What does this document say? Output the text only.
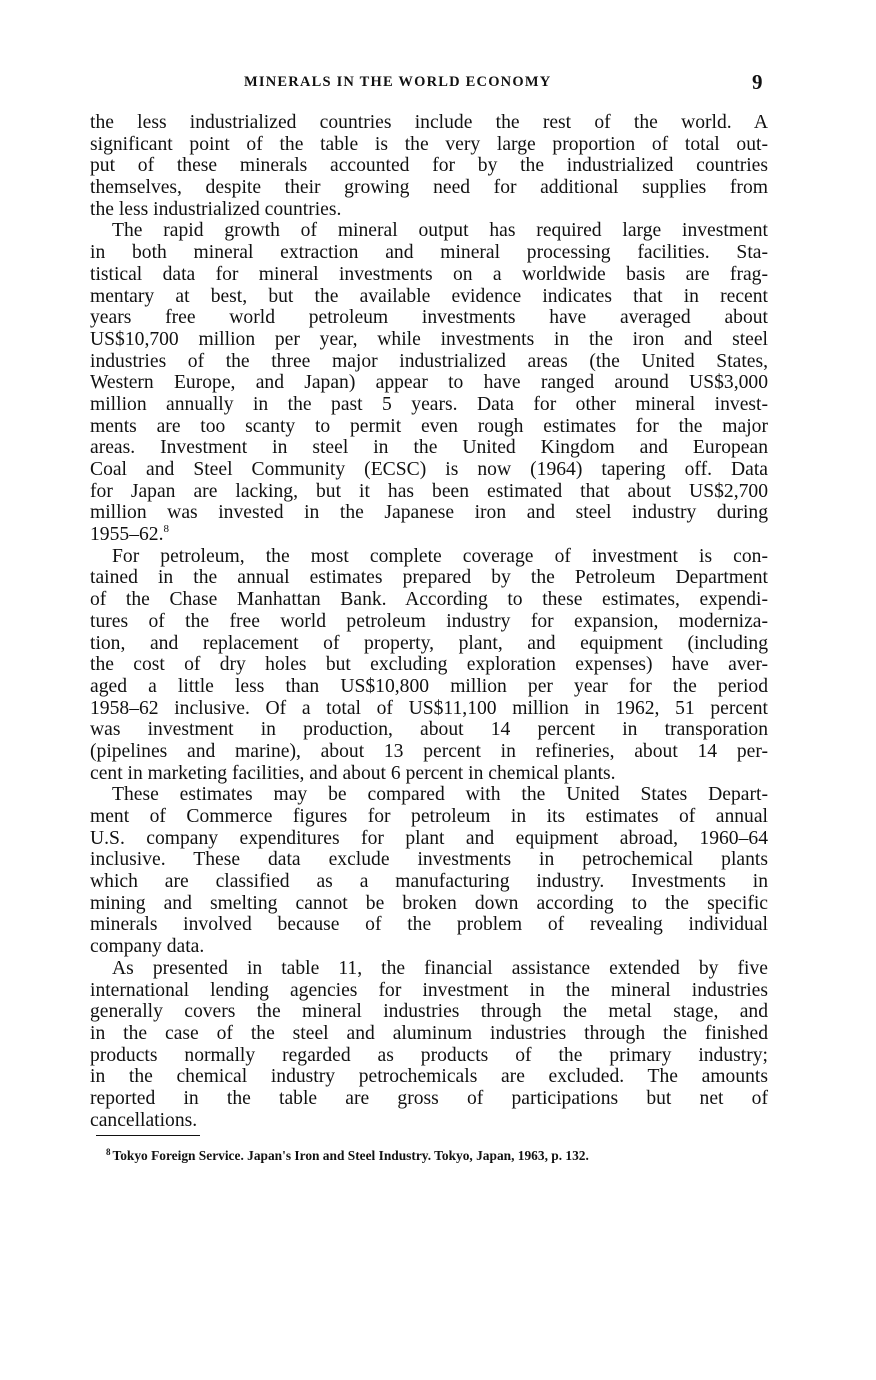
MINERALS IN THE WORLD ECONOMY	9
the less industrialized countries include the rest of the world. A
significant point of the table is the very large proportion of total out-
put of these minerals accounted for by the industrialized countries
themselves, despite their growing need for additional supplies from
the less industrialized countries.
The rapid growth of mineral output has required large investment
in both mineral extraction and mineral processing facilities. Sta-
tistical data for mineral investments on a worldwide basis are frag-
mentary at best, but the available evidence indicates that in recent
years free world petroleum investments have averaged about
US$10,700 million per year, while investments in the iron and steel
industries of the three major industrialized areas (the United States,
Western Europe, and Japan) appear to have ranged around US$3,000
million annually in the past 5 years. Data for other mineral invest-
ments are too scanty to permit even rough estimates for the major
areas. Investment in steel in the United Kingdom and European
Coal and Steel Community (ECSC) is now (1964) tapering off. Data
for Japan are lacking, but it has been estimated that about US$2,700
million was invested in the Japanese iron and steel industry during
1955–62.$^8$
For petroleum, the most complete coverage of investment is con-
tained in the annual estimates prepared by the Petroleum Department
of the Chase Manhattan Bank. According to these estimates, expendi-
tures of the free world petroleum industry for expansion, moderniza-
tion, and replacement of property, plant, and equipment (including
the cost of dry holes but excluding exploration expenses) have aver-
aged a little less than US$10,800 million per year for the period
1958–62 inclusive. Of a total of US$11,100 million in 1962, 51 percent
was investment in production, about 14 percent in transporation
(pipelines and marine), about 13 percent in refineries, about 14 per-
cent in marketing facilities, and about 6 percent in chemical plants.
These estimates may be compared with the United States Depart-
ment of Commerce figures for petroleum in its estimates of annual
U.S. company expenditures for plant and equipment abroad, 1960–64
inclusive. These data exclude investments in petrochemical plants
which are classified as a manufacturing industry. Investments in
mining and smelting cannot be broken down according to the specific
minerals involved because of the problem of revealing individual
company data.
As presented in table 11, the financial assistance extended by five
international lending agencies for investment in the mineral industries
generally covers the mineral industries through the metal stage, and
in the case of the steel and aluminum industries through the finished
products normally regarded as products of the primary industry;
in the chemical industry petrochemicals are excluded. The amounts
reported in the table are gross of participations but net of
cancellations.
$^8$ Tokyo Foreign Service. Japan's Iron and Steel Industry. Tokyo, Japan, 1963, p. 132.
